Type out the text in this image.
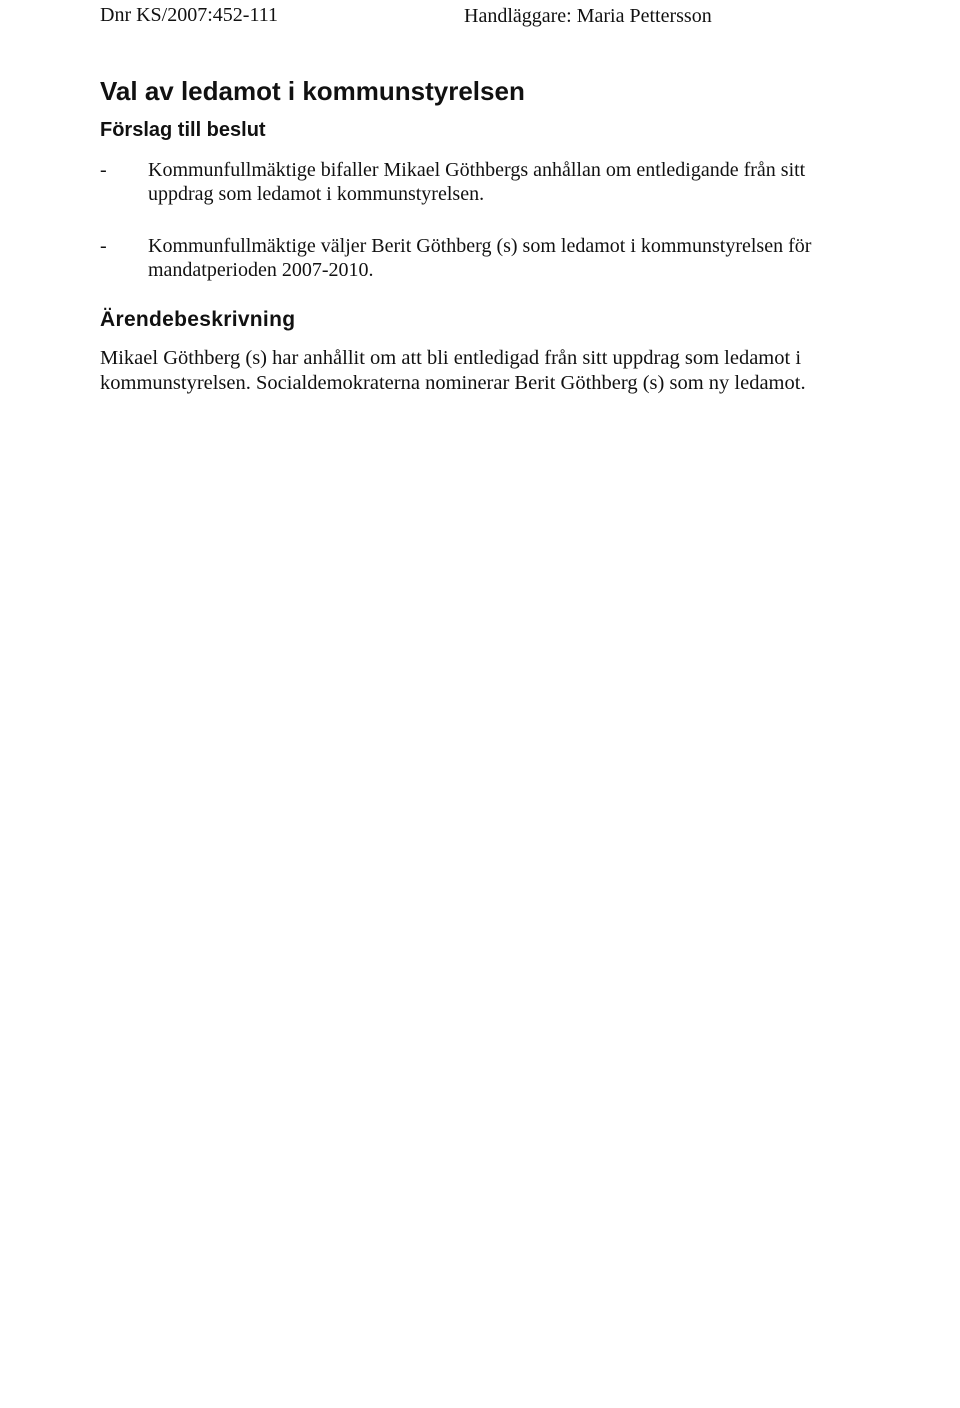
Dnr KS/2007:452-111	Handläggare: Maria Pettersson
Val av ledamot i kommunstyrelsen
Förslag till beslut
- Kommunfullmäktige bifaller Mikael Göthbergs anhållan om entledigande från sitt uppdrag som ledamot i kommunstyrelsen.
- Kommunfullmäktige väljer Berit Göthberg (s) som ledamot i kommunstyrelsen för mandatperioden 2007-2010.
Ärendebeskrivning

Mikael Göthberg (s) har anhållit om att bli entledigad från sitt uppdrag som ledamot i kommunstyrelsen. Socialdemokraterna nominerar Berit Göthberg (s) som ny ledamot.
